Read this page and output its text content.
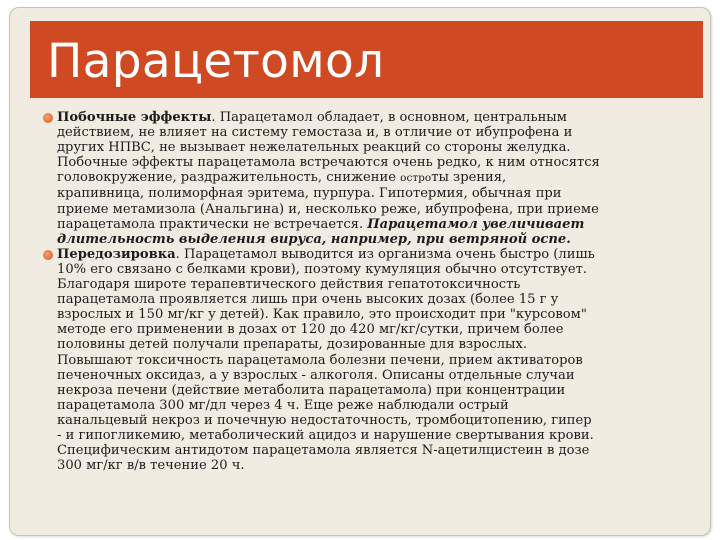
Парацетомол
Побочные эффекты. Парацетамол обладает, в основном, центральным
действием, не влияет на систему гемостаза и, в отличие от ибупрофена и
других НПВС, не вызывает нежелательных реакций со стороны желудка.
Побочные эффекты парацетамола встречаются очень редко, к ним относятся
головокружение, раздражительность, снижение остроты зрения,
крапивница, полиморфная эритема, пурпура. Гипотермия, обычная при
приеме метамизола (Анальгина) и, несколько реже, ибупрофена, при приеме
парацетамола практически не встречается. Парацетамол увеличивает
длительность выделения вируса, например, при ветряной оспе.
Передозировка. Парацетамол выводится из организма очень быстро (лишь
10% его связано с белками крови), поэтому кумуляция обычно отсутствует.
Благодаря широте терапевтического действия гепатотоксичность
парацетамола проявляется лишь при очень высоких дозах (более 15 г у
взрослых и 150 мг/кг у детей). Как правило, это происходит при "курсовом"
методе его применении в дозах от 120 до 420 мг/кг/сутки, причем более
половины детей получали препараты, дозированные для взрослых.
Повышают токсичность парацетамола болезни печени, прием активаторов
печеночных оксидаз, а у взрослых - алкоголя. Описаны отдельные случаи
некроза печени (действие метаболита парацетамола) при концентрации
парацетамола 300 мг/дл через 4 ч. Еще реже наблюдали острый
канальцевый некроз и почечную недостаточность, тромбоцитопению, гипер
- и гипогликемию, метаболический ацидоз и нарушение свертывания крови.
Специфическим антидотом парацетамола является N-ацетилцистеин в дозе
300 мг/кг в/в течение 20 ч.
